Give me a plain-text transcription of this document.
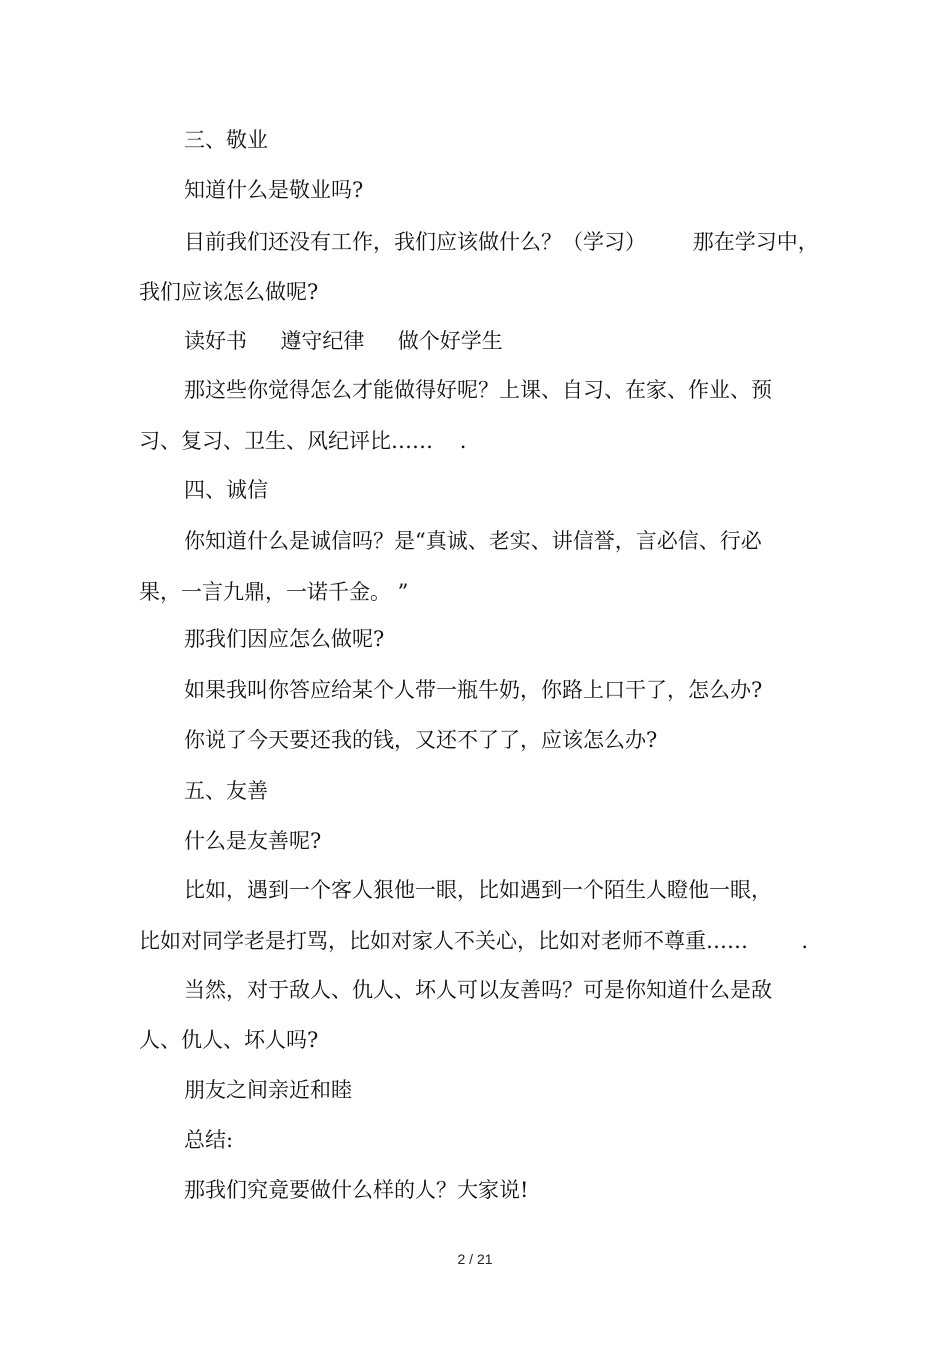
三、敬业
知道什么是敬业吗?
目前我们还没有工作，我们应该做什么？（学习）       那在学习中，
我们应该怎么做呢?
读好书     遵守纪律     做个好学生
那这些你觉得怎么才能做得好呢？上课、自习、在家、作业、预
习、复习、卫生、风纪评比……    .
四、诚信
你知道什么是诚信吗？是“真诚、老实、讲信誉，言必信、行必
果，一言九鼎，一诺千金。 ”
那我们因应怎么做呢?
如果我叫你答应给某个人带一瓶牛奶，你路上口干了，怎么办?
你说了今天要还我的钱，又还不了了，应该怎么办?
五、友善
什么是友善呢?
比如，遇到一个客人狠他一眼，比如遇到一个陌生人瞪他一眼，
比如对同学老是打骂，比如对家人不关心，比如对老师不尊重……        .
当然，对于敌人、仇人、坏人可以友善吗？可是你知道什么是敌
人、仇人、坏人吗?
朋友之间亲近和睦
总结:
那我们究竟要做什么样的人？大家说!
2 / 21
